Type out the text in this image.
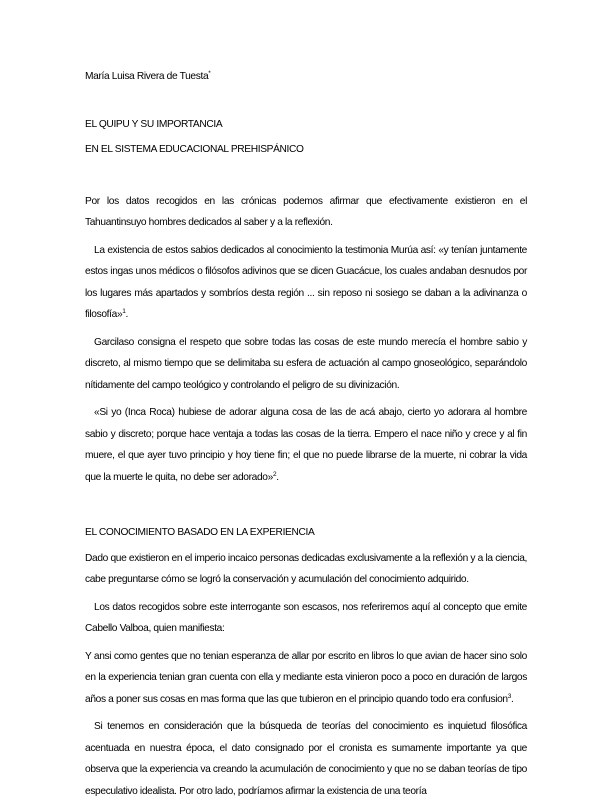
María Luisa Rivera de Tuesta*
EL QUIPU Y SU IMPORTANCIA
EN EL SISTEMA EDUCACIONAL PREHISPÁNICO
Por los datos recogidos en las crónicas podemos afirmar que efectivamente existieron en el Tahuantinsuyo hombres dedicados al saber y a la reflexión.
La existencia de estos sabios dedicados al conocimiento la testimonia Murúa así: «y tenían juntamente estos ingas unos médicos o filósofos adivinos que se dicen Guacácue, los cuales andaban desnudos por los lugares más apartados y sombríos desta región ... sin reposo ni sosiego se daban a la adivinanza o filosofía»$^1$.
Garcilaso consigna el respeto que sobre todas las cosas de este mundo merecía el hombre sabio y discreto, al mismo tiempo que se delimitaba su esfera de actuación al campo gnoseológico, separándolo nítidamente del campo teológico y controlando el peligro de su divinización.
«Si yo (Inca Roca) hubiese de adorar alguna cosa de las de acá abajo, cierto yo adorara al hombre sabio y discreto; porque hace ventaja a todas las cosas de la tierra. Empero el nace niño y crece y al fin muere, el que ayer tuvo principio y hoy tiene fin; el que no puede librarse de la muerte, ni cobrar la vida que la muerte le quita, no debe ser adorado»$^2$.
EL CONOCIMIENTO BASADO EN LA EXPERIENCIA
Dado que existieron en el imperio incaico personas dedicadas exclusivamente a la reflexión y a la ciencia, cabe preguntarse cómo se logró la conservación y acumulación del conocimiento adquirido.
Los datos recogidos sobre este interrogante son escasos, nos referiremos aquí al concepto que emite Cabello Valboa, quien manifiesta:
Y ansi como gentes que no tenian esperanza de allar por escrito en libros lo que avian de hacer sino solo en la experiencia tenian gran cuenta con ella y mediante esta vinieron poco a poco en duración de largos años a poner sus cosas en mas forma que las que tubieron en el principio quando todo era confusion$^3$.
Si tenemos en consideración que la búsqueda de teorías del conocimiento es inquietud filosófica acentuada en nuestra época, el dato consignado por el cronista es sumamente importante ya que observa que la experiencia va creando la acumulación de conocimiento y que no se daban teorías de tipo especulativo idealista. Por otro lado, podríamos afirmar la existencia de una teoría
